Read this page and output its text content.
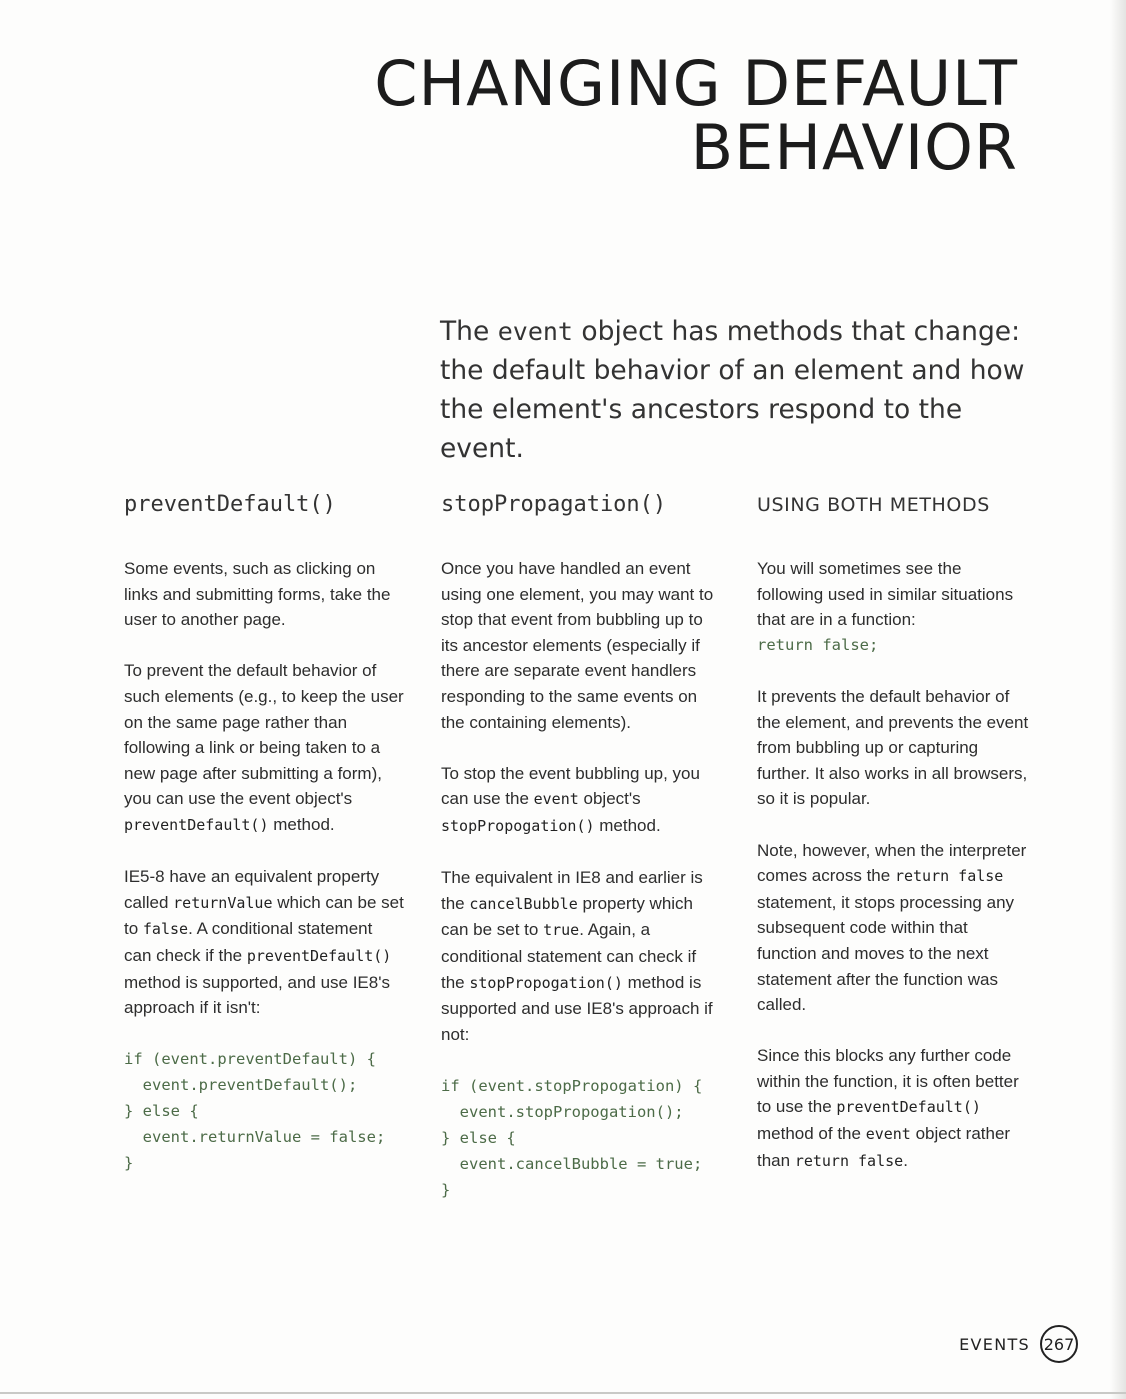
CHANGING DEFAULT
BEHAVIOR

The event object has methods that change: the default behavior of an element and how the element's ancestors respond to the event.

preventDefault()

Some events, such as clicking on links and submitting forms, take the user to another page.

To prevent the default behavior of such elements (e.g., to keep the user on the same page rather than following a link or being taken to a new page after submitting a form), you can use the event object's preventDefault() method.

IE5-8 have an equivalent property called returnValue which can be set to false. A conditional statement can check if the preventDefault() method is supported, and use IE8's approach if it isn't:

if (event.preventDefault) {
event.preventDefault();
} else {
event.returnValue = false;
}
stopPropagation()

Once you have handled an event using one element, you may want to stop that event from bubbling up to its ancestor elements (especially if there are separate event handlers responding to the same events on the containing elements).

To stop the event bubbling up, you can use the event object's stopPropogation() method.

The equivalent in IE8 and earlier is the cancelBubble property which can be set to true. Again, a conditional statement can check if the stopPropogation() method is supported and use IE8's approach if not:

if (event.stopPropogation) {
event.stopPropogation();
} else {
event.cancelBubble = true;
}
USING BOTH METHODS

You will sometimes see the following used in similar situations that are in a function:
return false;

It prevents the default behavior of the element, and prevents the event from bubbling up or capturing further. It also works in all browsers, so it is popular.

Note, however, when the interpreter comes across the return false statement, it stops processing any subsequent code within that function and moves to the next statement after the function was called.

Since this blocks any further code within the function, it is often better to use the preventDefault() method of the event object rather than return false.

EVENTS 267
